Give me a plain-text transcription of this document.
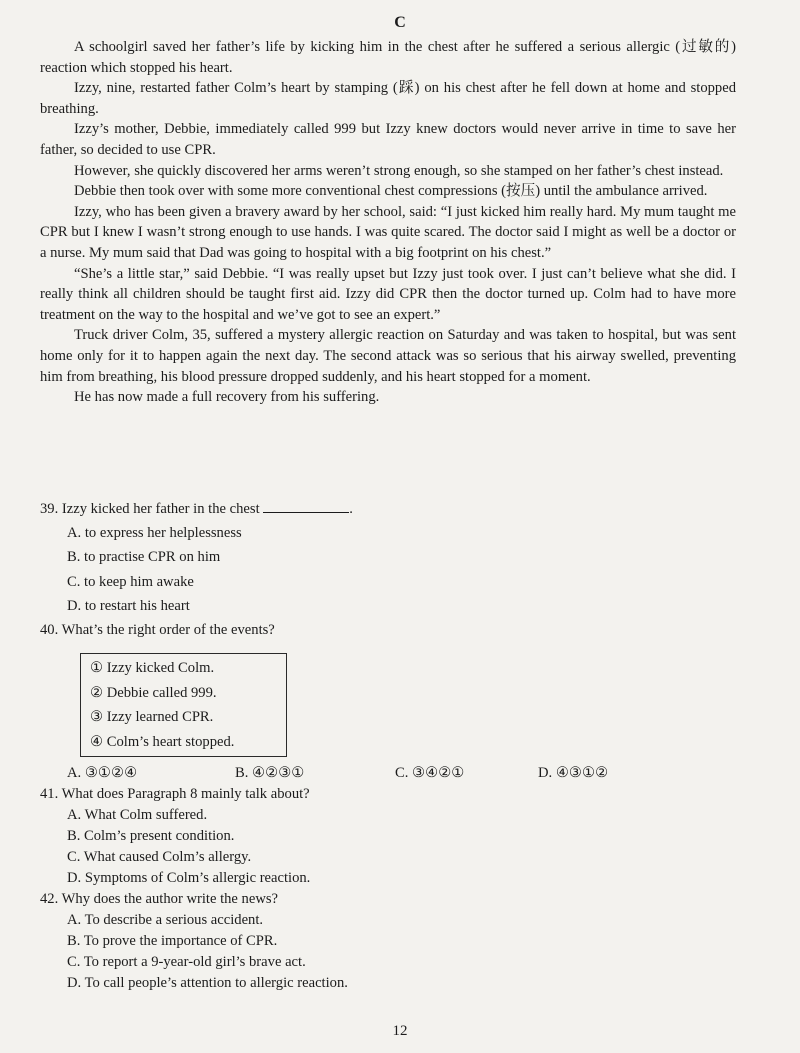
C

A schoolgirl saved her father’s life by kicking him in the chest after he suffered a serious allergic (过敏的) reaction which stopped his heart.

Izzy, nine, restarted father Colm’s heart by stamping (踩) on his chest after he fell down at home and stopped breathing.

Izzy’s mother, Debbie, immediately called 999 but Izzy knew doctors would never arrive in time to save her father, so decided to use CPR.

However, she quickly discovered her arms weren’t strong enough, so she stamped on her father’s chest instead.

Debbie then took over with some more conventional chest compressions (按压) until the ambulance arrived.

Izzy, who has been given a bravery award by her school, said: “I just kicked him really hard. My mum taught me CPR but I knew I wasn’t strong enough to use hands. I was quite scared. The doctor said I might as well be a doctor or a nurse. My mum said that Dad was going to hospital with a big footprint on his chest.”

“She’s a little star,” said Debbie. “I was really upset but Izzy just took over. I just can’t believe what she did. I really think all children should be taught first aid. Izzy did CPR then the doctor turned up. Colm had to have more treatment on the way to the hospital and we’ve got to see an expert.”

Truck driver Colm, 35, suffered a mystery allergic reaction on Saturday and was taken to hospital, but was sent home only for it to happen again the next day. The second attack was so serious that his airway swelled, preventing him from breathing, his blood pressure dropped suddenly, and his heart stopped for a moment.

He has now made a full recovery from his suffering.

39. Izzy kicked her father in the chest	.

A. to express her helplessness

B. to practise CPR on him

C. to keep him awake

D. to restart his heart

40. What’s the right order of the events?

① Izzy kicked Colm.
② Debbie called 999.
③ Izzy learned CPR.
④ Colm’s heart stopped.
A. ③①②④	B. ④②③①	C. ③④②①	D. ④③①②

41. What does Paragraph 8 mainly talk about?

A. What Colm suffered.

B. Colm’s present condition.

C. What caused Colm’s allergy.

D. Symptoms of Colm’s allergic reaction.

42. Why does the author write the news?

A. To describe a serious accident.

B. To prove the importance of CPR.

C. To report a 9-year-old girl’s brave act.

D. To call people’s attention to allergic reaction.

12
